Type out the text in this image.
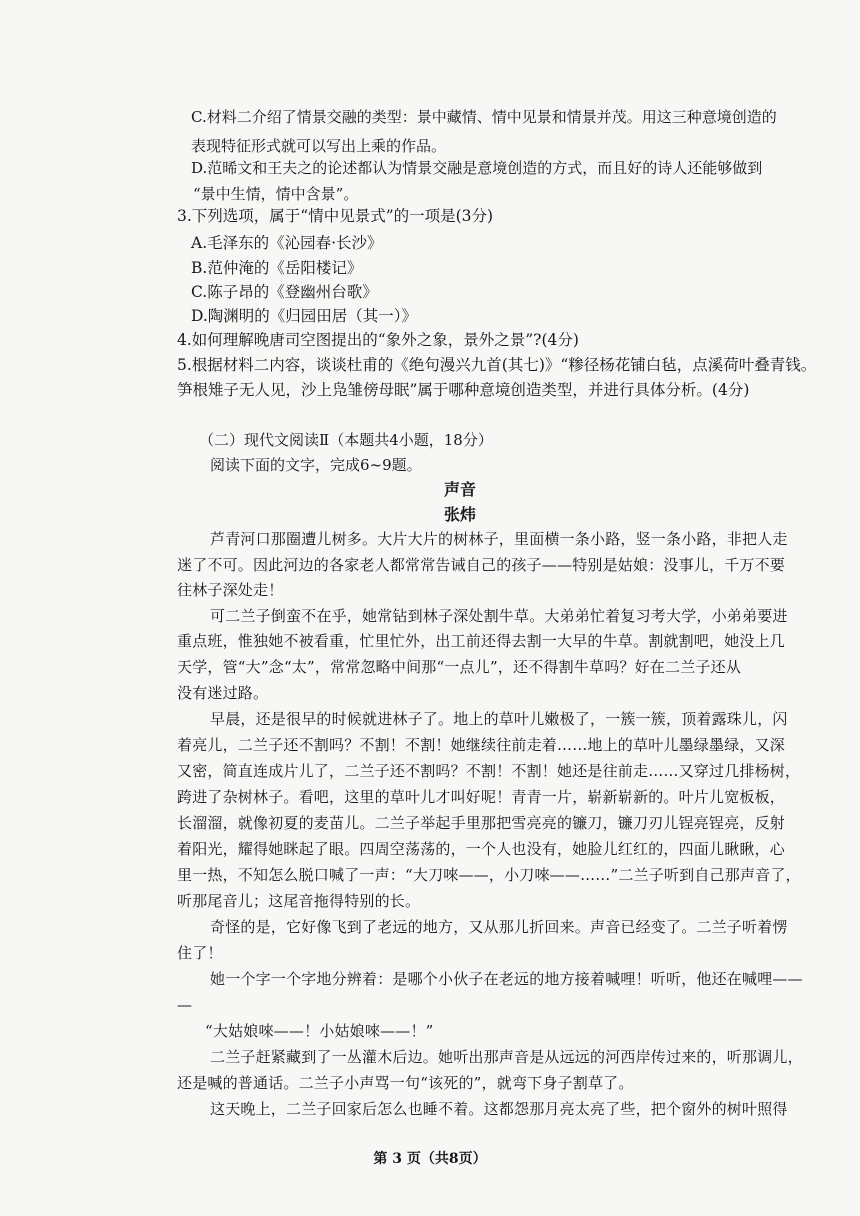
C.材料二介绍了情景交融的类型：景中藏情、情中见景和情景并茂。用这三种意境创造的
表现特征形式就可以写出上乘的作品。
D.范晞文和王夫之的论述都认为情景交融是意境创造的方式，而且好的诗人还能够做到
“景中生情，情中含景”。
3.下列选项，属于“情中见景式”的一项是(3分)
A.毛泽东的《沁园春·长沙》
B.范仲淹的《岳阳楼记》
C.陈子昂的《登幽州台歌》
D.陶渊明的《归园田居（其一）》
4.如何理解晚唐司空图提出的“象外之象，景外之景”?(4分)
5.根据材料二内容，谈谈杜甫的《绝句漫兴九首(其七)》“糁径杨花铺白毡，点溪荷叶叠青钱。
笋根雉子无人见，沙上凫雏傍母眠”属于哪种意境创造类型，并进行具体分析。(4分)
（二）现代文阅读Ⅱ（本题共4小题，18分）
阅读下面的文字，完成6~9题。
声音
张炜
芦青河口那圈遭儿树多。大片大片的树林子，里面横一条小路，竖一条小路，非把人走
迷了不可。因此河边的各家老人都常常告诫自己的孩子——特别是姑娘：没事儿，千万不要
往林子深处走！
可二兰子倒蛮不在乎，她常钻到林子深处割牛草。大弟弟忙着复习考大学，小弟弟要进
重点班，惟独她不被看重，忙里忙外，出工前还得去割一大早的牛草。割就割吧，她没上几
天学，管“大”念“太”，常常忽略中间那“一点儿”，还不得割牛草吗？好在二兰子还从
没有迷过路。
早晨，还是很早的时候就进林子了。地上的草叶儿嫩极了，一簇一簇，顶着露珠儿，闪
着亮儿，二兰子还不割吗？不割！不割！她继续往前走着……地上的草叶儿墨绿墨绿，又深
又密，简直连成片儿了，二兰子还不割吗？不割！不割！她还是往前走……又穿过几排杨树，
跨进了杂树林子。看吧，这里的草叶儿才叫好呢！青青一片，崭新崭新的。叶片儿宽板板，
长溜溜，就像初夏的麦苗儿。二兰子举起手里那把雪亮亮的镰刀，镰刀刃儿锃亮锃亮，反射
着阳光，耀得她眯起了眼。四周空荡荡的，一个人也没有，她脸儿红红的，四面儿瞅瞅，心
里一热，不知怎么脱口喊了一声：“大刀唻——，小刀唻——……”二兰子听到自己那声音了，
听那尾音儿；这尾音拖得特别的长。
奇怪的是，它好像飞到了老远的地方，又从那儿折回来。声音已经变了。二兰子听着愣
住了！
她一个字一个字地分辨着：是哪个小伙子在老远的地方接着喊哩！听听，他还在喊哩——
—
“大姑娘唻——！小姑娘唻——！”
二兰子赶紧藏到了一丛灌木后边。她听出那声音是从远远的河西岸传过来的，听那调儿，
还是喊的普通话。二兰子小声骂一句“该死的”，就弯下身子割草了。
这天晚上，二兰子回家后怎么也睡不着。这都怨那月亮太亮了些，把个窗外的树叶照得
第 3 页（共8页）
